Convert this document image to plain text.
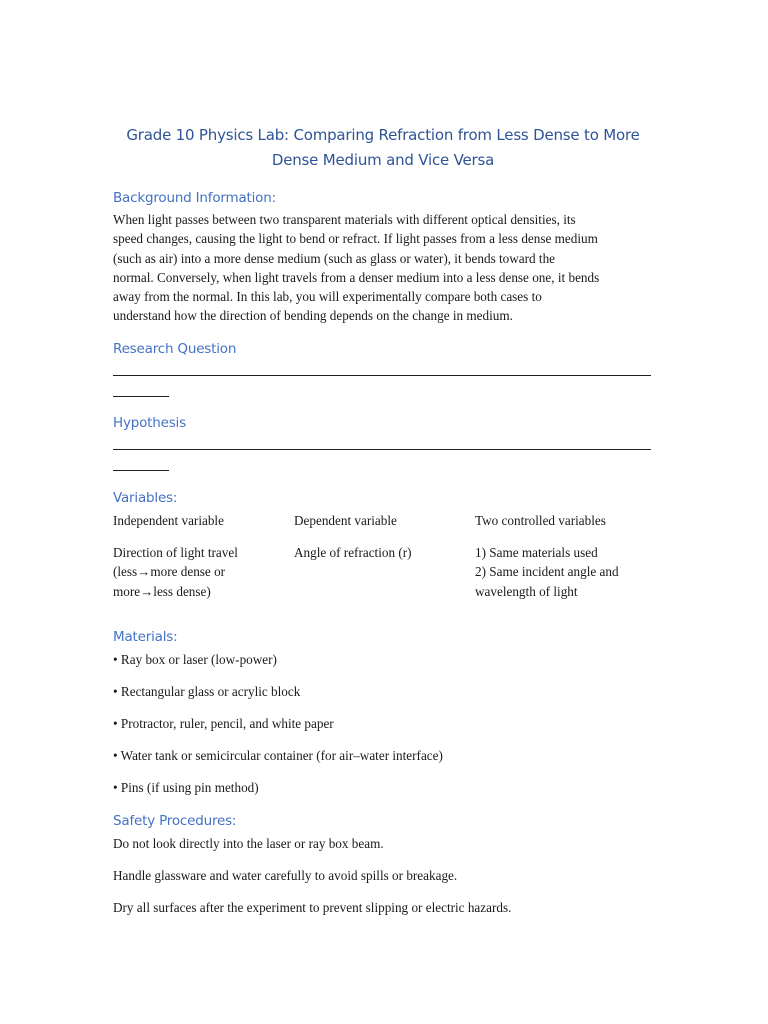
Grade 10 Physics Lab: Comparing Refraction from Less Dense to More
Dense Medium and Vice Versa
Background Information:
When light passes between two transparent materials with different optical densities, its
speed changes, causing the light to bend or refract. If light passes from a less dense medium
(such as air) into a more dense medium (such as glass or water), it bends toward the
normal. Conversely, when light travels from a denser medium into a less dense one, it bends
away from the normal. In this lab, you will experimentally compare both cases to
understand how the direction of bending depends on the change in medium.
Research Question
Hypothesis
Variables:
Independent variable	Dependent variable	Two controlled variables
Direction of light travel
(less→more dense or
more→less dense)
Angle of refraction (r)	1) Same materials used
2) Same incident angle and
wavelength of light
Materials:
• Ray box or laser (low-power)
• Rectangular glass or acrylic block
• Protractor, ruler, pencil, and white paper
• Water tank or semicircular container (for air–water interface)
• Pins (if using pin method)
Safety Procedures:
Do not look directly into the laser or ray box beam.
Handle glassware and water carefully to avoid spills or breakage.
Dry all surfaces after the experiment to prevent slipping or electric hazards.
